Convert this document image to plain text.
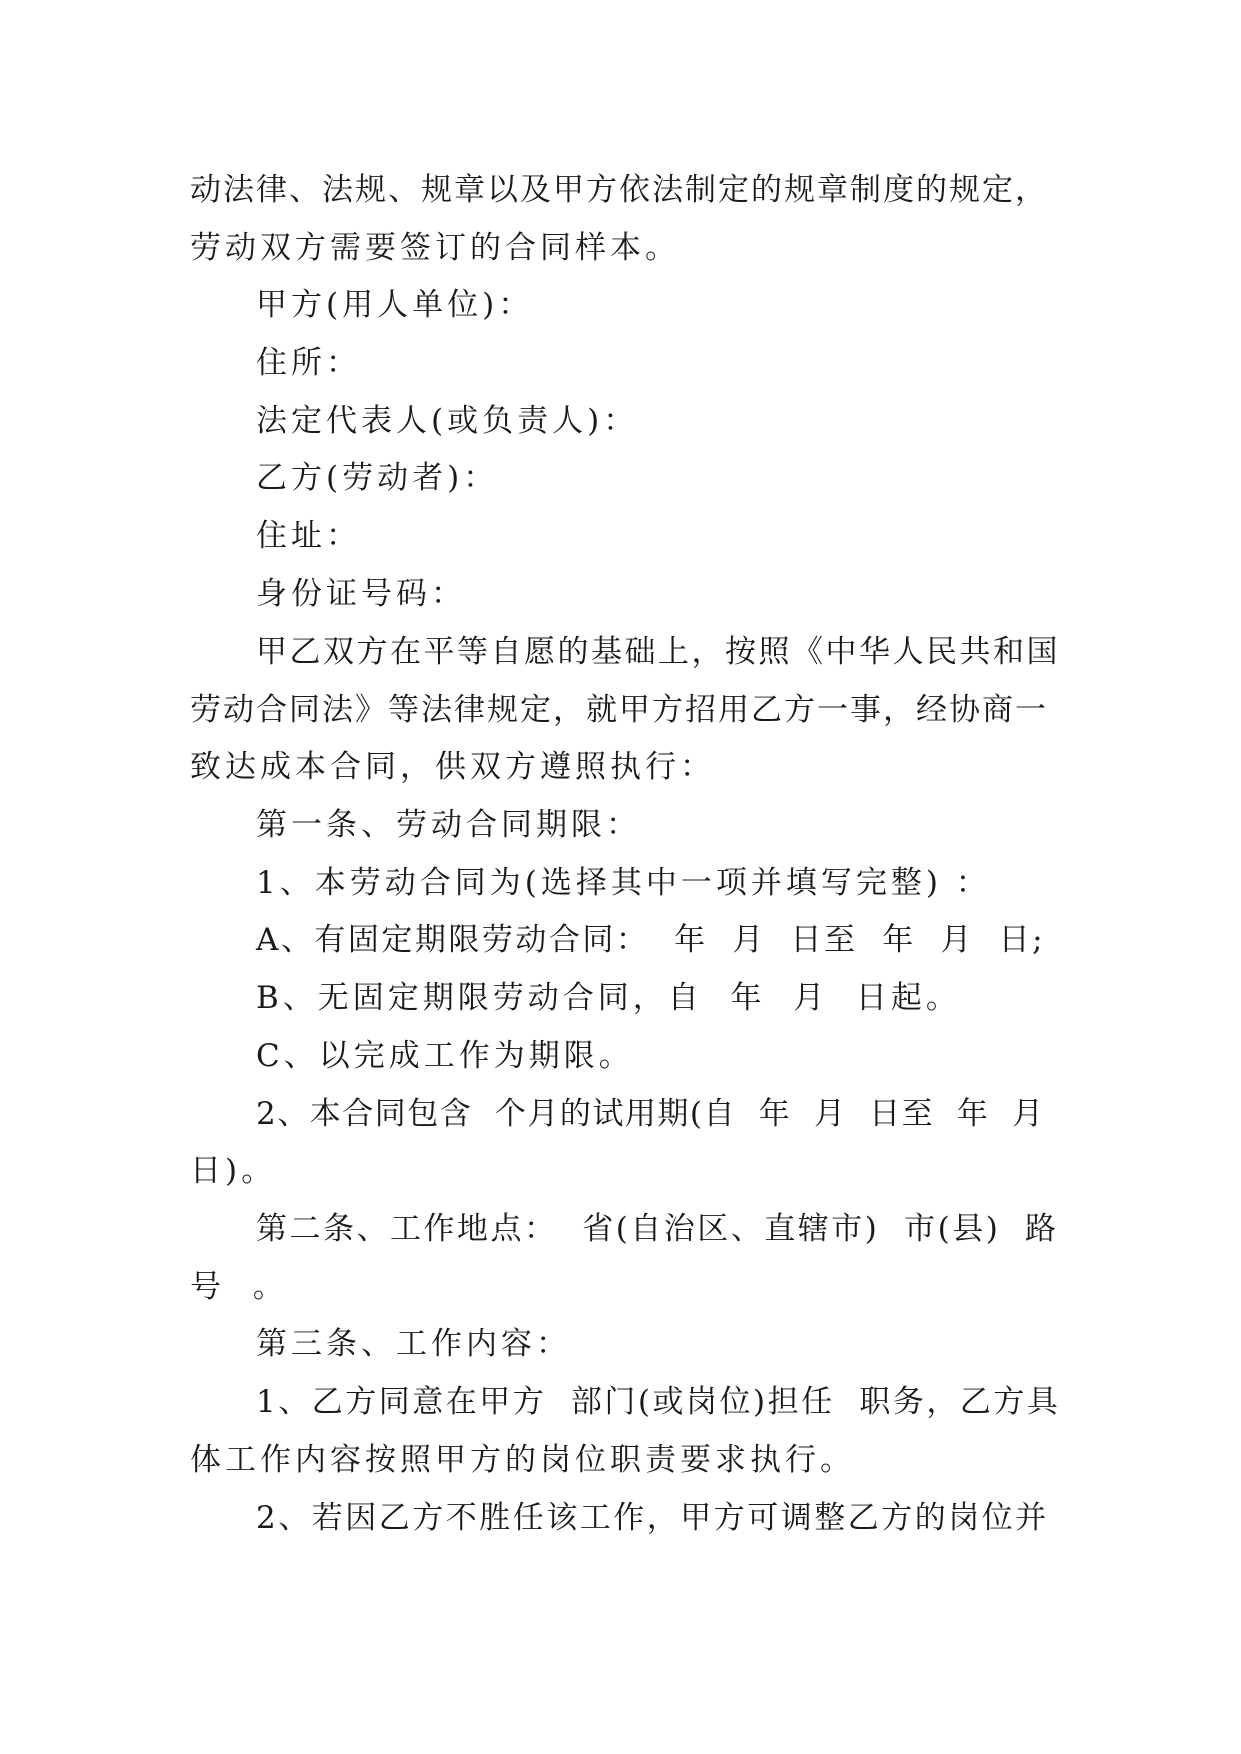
动法律、法规、规章以及甲方依法制定的规章制度的规定，
劳动双方需要签订的合同样本。
甲方(用人单位)：
住所：
法定代表人(或负责人)：
乙方(劳动者)：
住址：
身份证号码：
甲乙双方在平等自愿的基础上，按照《中华人民共和国
劳动合同法》等法律规定，就甲方招用乙方一事，经协商一
致达成本合同，供双方遵照执行：
第一条、劳动合同期限：
1、本劳动合同为(选择其中一项并填写完整) ：
A、有固定期限劳动合同：  年  月  日至  年  月  日;
B、无固定期限劳动合同，自  年  月  日起。
C、以完成工作为期限。
2、本合同包含  个月的试用期(自  年  月  日至  年  月
日)。
第二条、工作地点：  省(自治区、直辖市)  市(县)  路
号  。
第三条、工作内容：
1、乙方同意在甲方  部门(或岗位)担任  职务，乙方具
体工作内容按照甲方的岗位职责要求执行。
2、若因乙方不胜任该工作，甲方可调整乙方的岗位并
